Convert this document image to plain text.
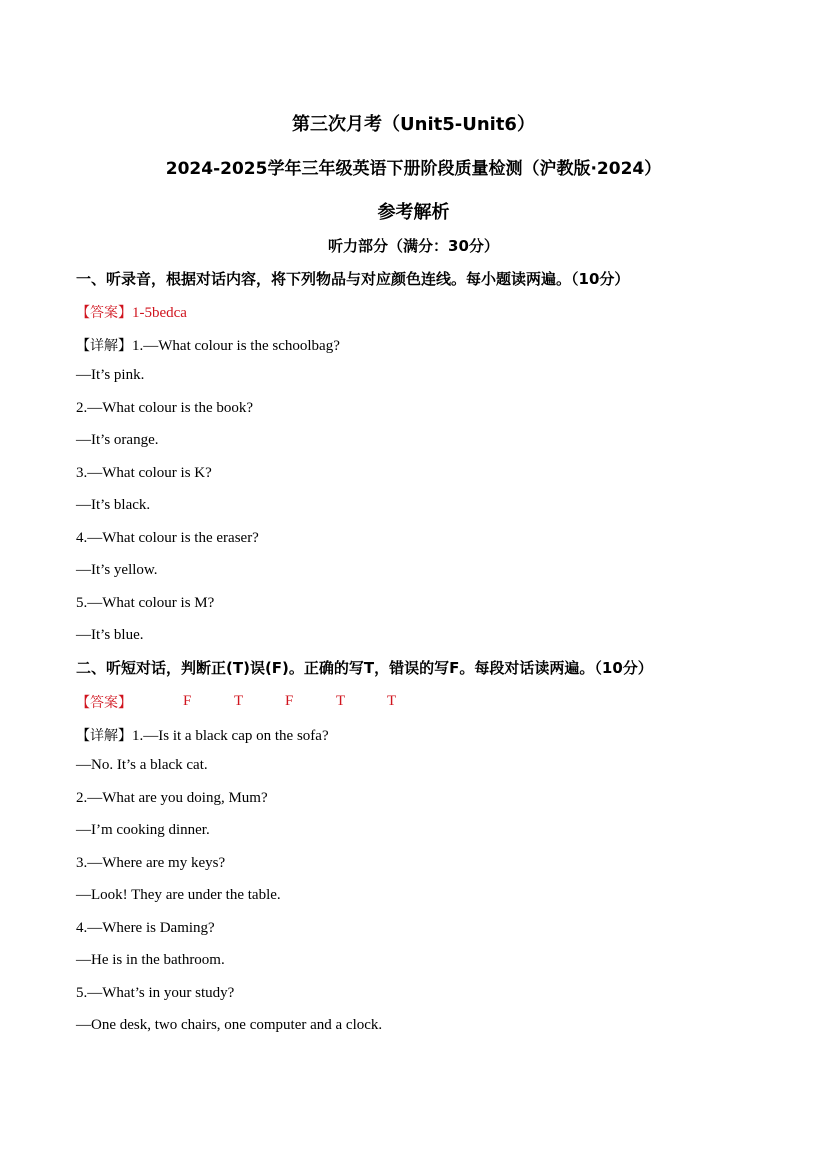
第三次月考（Unit5-Unit6）
2024-2025学年三年级英语下册阶段质量检测（沪教版·2024）
参考解析
听力部分（满分：30分）
一、听录音，根据对话内容，将下列物品与对应颜色连线。每小题读两遍。（10分）
【答案】1-5bedca
【详解】1.—What colour is the schoolbag?
—It’s pink.
2.—What colour is the book?
—It’s orange.
3.—What colour is K?
—It’s black.
4.—What colour is the eraser?
—It’s yellow.
5.—What colour is M?
—It’s blue.
二、听短对话，判断正(T)误(F)。正确的写T，错误的写F。每段对话读两遍。（10分）
【答案】	F	T	F	T	T
【详解】1.—Is it a black cap on the sofa?
—No. It’s a black cat.
2.—What are you doing, Mum?
—I’m cooking dinner.
3.—Where are my keys?
—Look! They are under the table.
4.—Where is Daming?
—He is in the bathroom.
5.—What’s in your study?
—One desk, two chairs, one computer and a clock.
